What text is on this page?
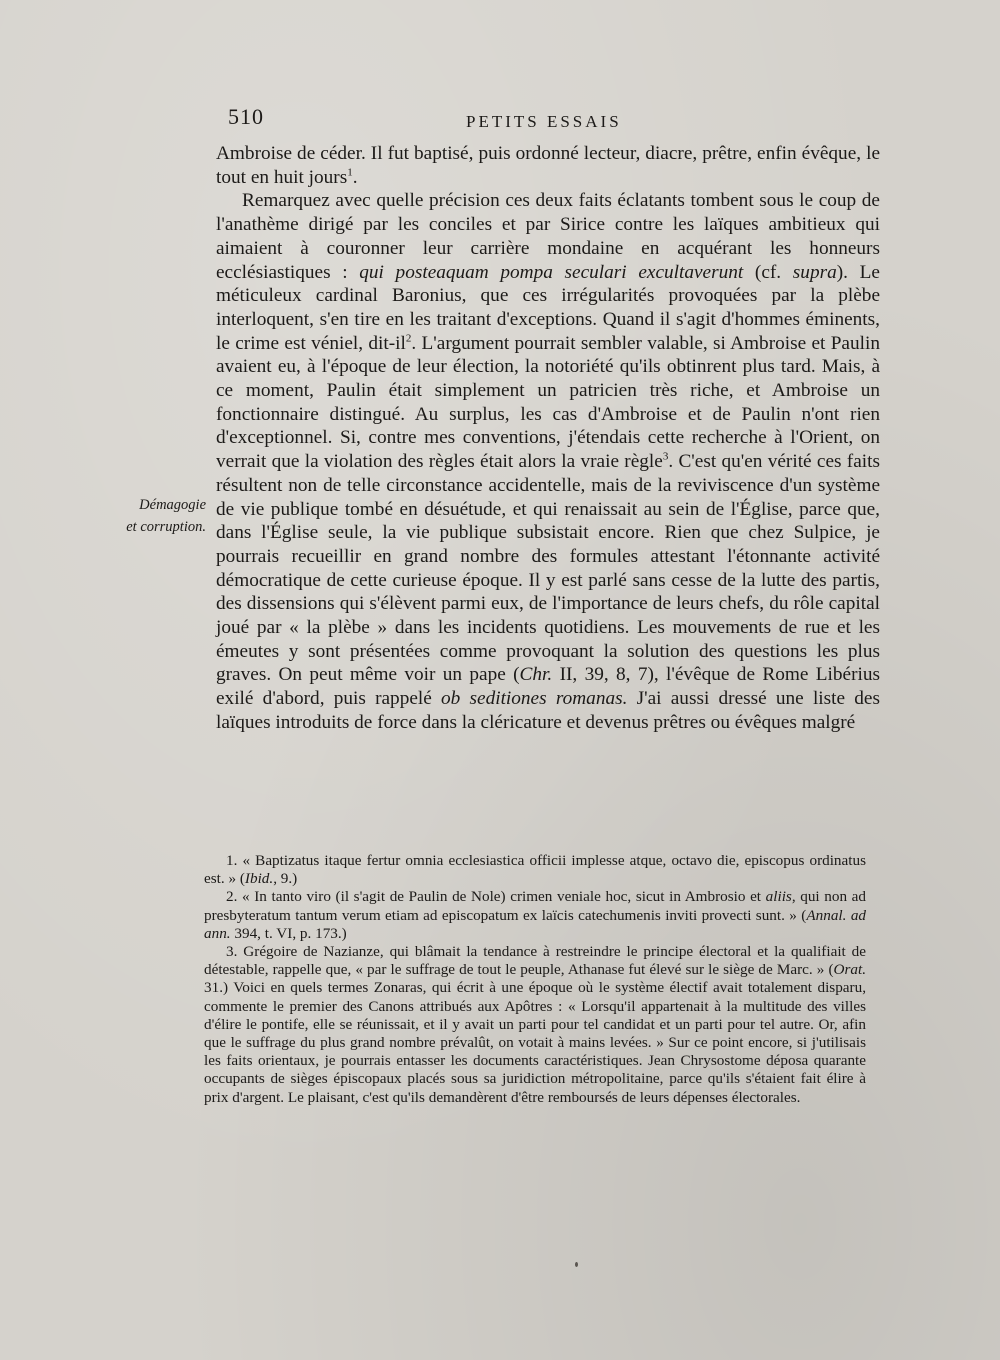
510	PETITS ESSAIS
Démagogie
et corruption.

Ambroise de céder. Il fut baptisé, puis ordonné lecteur, diacre, prêtre, enfin évêque, le tout en huit jours$^1$.

Remarquez avec quelle précision ces deux faits éclatants tombent sous le coup de l'anathème dirigé par les conciles et par Sirice contre les laïques ambitieux qui aimaient à couronner leur carrière mondaine en acquérant les honneurs ecclésiastiques : qui posteaquam pompa seculari excultaverunt (cf. supra). Le méticuleux cardinal Baronius, que ces irrégularités provoquées par la plèbe interloquent, s'en tire en les traitant d'exceptions. Quand il s'agit d'hommes éminents, le crime est véniel, dit-$il^2$. L'argument pourrait sembler valable, si Ambroise et Paulin avaient eu, à l'époque de leur élection, la notoriété qu'ils obtinrent plus tard. Mais, à ce moment, Paulin était simplement un patricien très riche, et Ambroise un fonctionnaire distingué. Au surplus, les cas d'Ambroise et de Paulin n'ont rien d'exceptionnel. Si, contre mes conventions, j'étendais cette recherche à l'Orient, on verrait que la violation des règles était alors la vraie règle$^3$. C'est qu'en vérité ces faits résultent non de telle circonstance accidentelle, mais de la reviviscence d'un système de vie publique tombé en désuétude, et qui renaissait au sein de l'Église, parce que, dans l'Église seule, la vie publique subsistait encore. Rien que chez Sulpice, je pourrais recueillir en grand nombre des formules attestant l'étonnante activité démocratique de cette curieuse époque. Il y est parlé sans cesse de la lutte des partis, des dissensions qui s'élèvent parmi eux, de l'importance de leurs chefs, du rôle capital joué par « la plèbe » dans les incidents quotidiens. Les mouvements de rue et les émeutes y sont présentées comme provoquant la solution des questions les plus graves. On peut même voir un pape (Chr. II, 39, 8, 7), l'évêque de Rome Libérius exilé d'abord, puis rappelé ob seditiones romanas. J'ai aussi dressé une liste des laïques introduits de force dans la cléricature et devenus prêtres ou évêques malgré

1. « Baptizatus itaque fertur omnia ecclesiastica officii implesse atque, octavo die, episcopus ordinatus est. » (Ibid., 9.)

2. « In tanto viro (il s'agit de Paulin de Nole) crimen veniale hoc, sicut in Ambrosio et aliis, qui non ad presbyteratum tantum verum etiam ad episcopatum ex laïcis catechumenis inviti provecti sunt. » (Annal. ad ann. 394, t. VI, p. 173.)

3. Grégoire de Nazianze, qui blâmait la tendance à restreindre le principe électoral et la qualifiait de détestable, rappelle que, « par le suffrage de tout le peuple, Athanase fut élevé sur le siège de Marc. » (Orat. 31.) Voici en quels termes Zonaras, qui écrit à une époque où le système électif avait totalement disparu, commente le premier des Canons attribués aux Apôtres : « Lorsqu'il appartenait à la multitude des villes d'élire le pontife, elle se réunissait, et il y avait un parti pour tel candidat et un parti pour tel autre. Or, afin que le suffrage du plus grand nombre prévalût, on votait à mains levées. » Sur ce point encore, si j'utilisais les faits orientaux, je pourrais entasser les documents caractéristiques. Jean Chrysostome déposa quarante occupants de sièges épiscopaux placés sous sa juridiction métropolitaine, parce qu'ils s'étaient fait élire à prix d'argent. Le plaisant, c'est qu'ils demandèrent d'être remboursés de leurs dépenses électorales.
